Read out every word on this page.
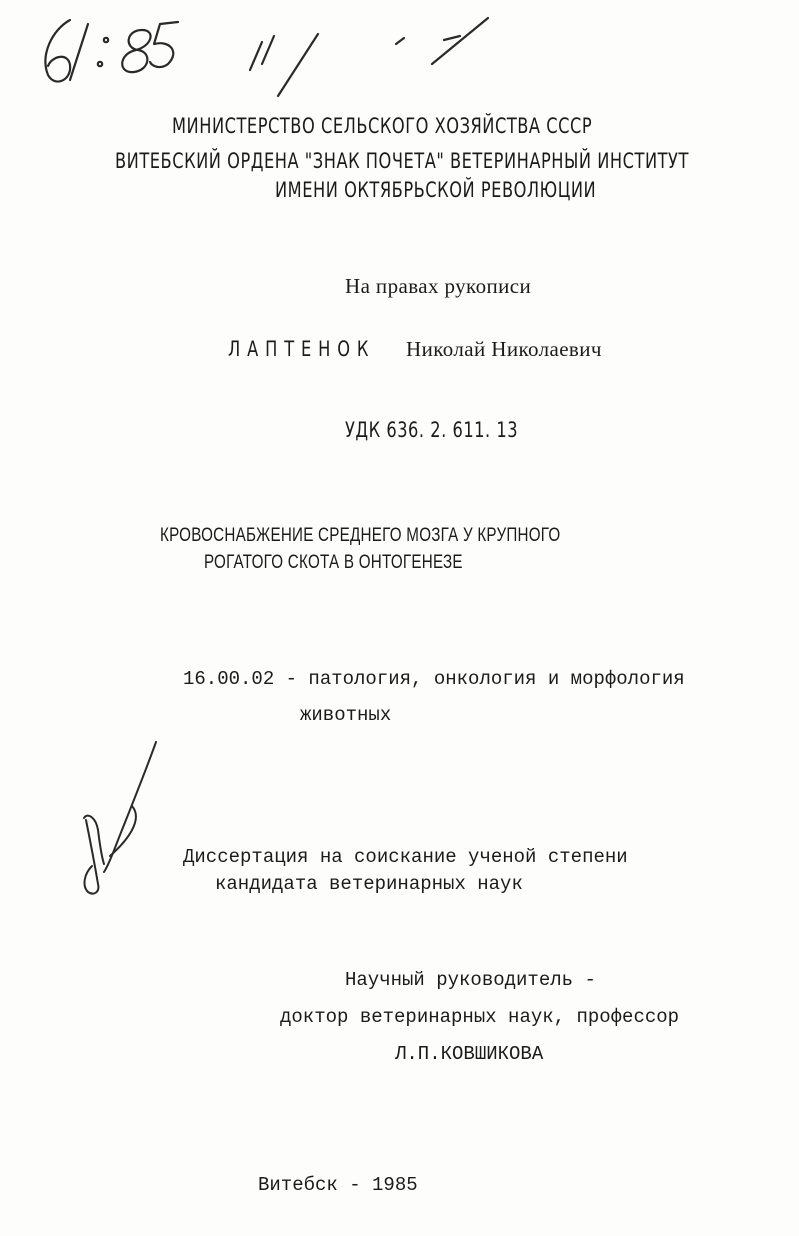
МИНИСТЕРСТВО СЕЛЬСКОГО ХОЗЯЙСТВА СССР
ВИТЕБСКИЙ ОРДЕНА "ЗНАК ПОЧЕТА" ВЕТЕРИНАРНЫЙ ИНСТИТУТ
ИМЕНИ ОКТЯБРЬСКОЙ РЕВОЛЮЦИИ
На правах рукописи
ЛАПТЕНОК Николай Николаевич
УДК 636. 2. 611. 13
КРОВОСНАБЖЕНИЕ СРЕДНЕГО МОЗГА У КРУПНОГО
РОГАТОГО СКОТА В ОНТОГЕНЕЗЕ
16.00.02 - патология, онкология и морфология
животных
Диссертация на соискание ученой степени
кандидата ветеринарных наук
Научный руководитель -
доктор ветеринарных наук, профессор
Л.П.КОВШИКОВА
Витебск - 1985
